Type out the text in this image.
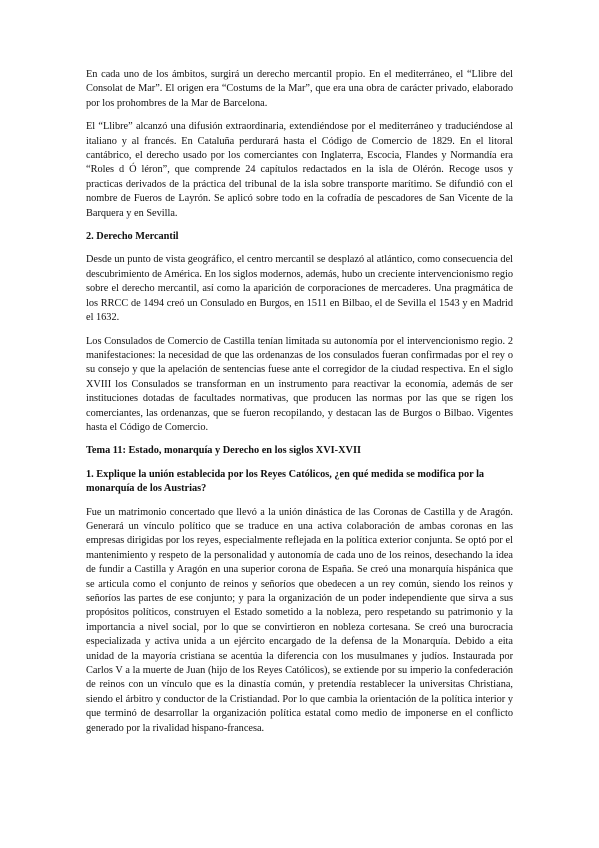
En cada uno de los ámbitos, surgirá un derecho mercantil propio. En el mediterráneo, el “Llibre del Consolat de Mar”. El origen era “Costums de la Mar”, que era una obra de carácter privado, elaborado por los prohombres de la Mar de Barcelona.

El “Llibre” alcanzó una difusión extraordinaria, extendiéndose por el mediterráneo y traduciéndose al italiano y al francés. En Cataluña perdurará hasta el Código de Comercio de 1829. En el litoral cantábrico, el derecho usado por los comerciantes con Inglaterra, Escocia, Flandes y Normandía era “Roles d Ó léron”, que comprende 24 capítulos redactados en la isla de Olérón. Recoge usos y practicas derivados de la práctica del tribunal de la isla sobre transporte marítimo. Se difundió con el nombre de Fueros de Layrón. Se aplicó sobre todo en la cofradía de pescadores de San Vicente de la Barquera y en Sevilla.

2. Derecho Mercantil

Desde un punto de vista geográfico, el centro mercantil se desplazó al atlántico, como consecuencia del descubrimiento de América. En los siglos modernos, además, hubo un creciente intervencionismo regio sobre el derecho mercantil, así como la aparición de corporaciones de mercaderes. Una pragmática de los RRCC de 1494 creó un Consulado en Burgos, en 1511 en Bilbao, el de Sevilla el 1543 y en Madrid el 1632.

Los Consulados de Comercio de Castilla tenían limitada su autonomía por el intervencionismo regio. 2 manifestaciones: la necesidad de que las ordenanzas de los consulados fueran confirmadas por el rey o su consejo y que la apelación de sentencias fuese ante el corregidor de la ciudad respectiva. En el siglo XVIII los Consulados se transforman en un instrumento para reactivar la economía, además de ser instituciones dotadas de facultades normativas, que producen las normas por las que se rigen los comerciantes, las ordenanzas, que se fueron recopilando, y destacan las de Burgos o Bilbao. Vigentes hasta el Código de Comercio.

Tema 11: Estado, monarquía y Derecho en los siglos XVI-XVII
1. Explique la unión establecida por los Reyes Católicos, ¿en qué medida se modifica por la monarquía de los Austrias?

Fue un matrimonio concertado que llevó a la unión dinástica de las Coronas de Castilla y de Aragón. Generará un vínculo político que se traduce en una activa colaboración de ambas coronas en las empresas dirigidas por los reyes, especialmente reflejada en la política exterior conjunta. Se optó por el mantenimiento y respeto de la personalidad y autonomía de cada uno de los reinos, desechando la idea de fundir a Castilla y Aragón en una superior corona de España. Se creó una monarquía hispánica que se articula como el conjunto de reinos y señoríos que obedecen a un rey común, siendo los reinos y señoríos las partes de ese conjunto; y para la organización de un poder independiente que sirva a sus propósitos políticos, construyen el Estado sometido a la nobleza, pero respetando su patrimonio y la importancia a nivel social, por lo que se convirtieron en nobleza cortesana. Se creó una burocracia especializada y activa unida a un ejército encargado de la defensa de la Monarquía. Debido a eita unidad de la mayoría cristiana se acentúa la diferencia con los musulmanes y judíos. Instaurada por Carlos V a la muerte de Juan (hijo de los Reyes Católicos), se extiende por su imperio la confederación de reinos con un vínculo que es la dinastía común, y pretendía restablecer la universitas Christiana, siendo el árbitro y conductor de la Cristiandad. Por lo que cambia la orientación de la política interior y que terminó de desarrollar la organización política estatal como medio de imponerse en el conflicto generado por la rivalidad hispano-francesa.
